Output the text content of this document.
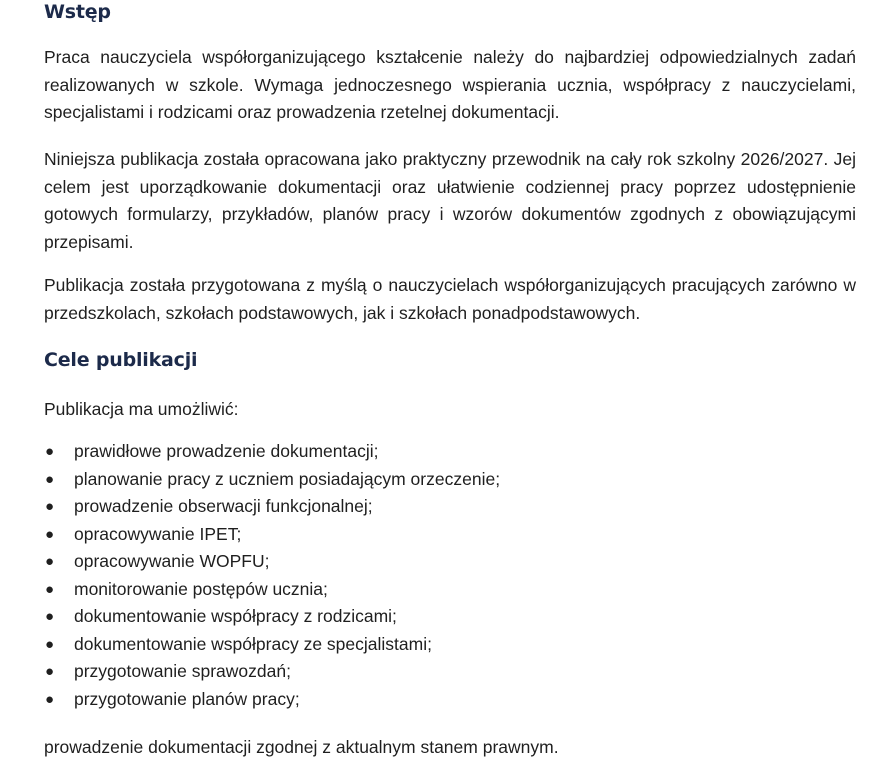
Wstęp

Praca nauczyciela współorganizującego kształcenie należy do najbardziej odpowiedzialnych zadań realizowanych w szkole. Wymaga jednoczesnego wspierania ucznia, współpracy z nauczycielami, specjalistami i rodzicami oraz prowadzenia rzetelnej dokumentacji.

Niniejsza publikacja została opracowana jako praktyczny przewodnik na cały rok szkolny 2026/2027. Jej celem jest uporządkowanie dokumentacji oraz ułatwienie codziennej pracy poprzez udostępnienie gotowych formularzy, przykładów, planów pracy i wzorów dokumentów zgodnych z obowiązującymi przepisami.

Publikacja została przygotowana z myślą o nauczycielach współorganizujących pracujących zarówno w przedszkolach, szkołach podstawowych, jak i szkołach ponadpodstawowych.

Cele publikacji

Publikacja ma umożliwić:

● prawidłowe prowadzenie dokumentacji;
● planowanie pracy z uczniem posiadającym orzeczenie;
● prowadzenie obserwacji funkcjonalnej;
● opracowywanie IPET;
● opracowywanie WOPFU;
● monitorowanie postępów ucznia;
● dokumentowanie współpracy z rodzicami;
● dokumentowanie współpracy ze specjalistami;
● przygotowanie sprawozdań;
● przygotowanie planów pracy;

prowadzenie dokumentacji zgodnej z aktualnym stanem prawnym.
